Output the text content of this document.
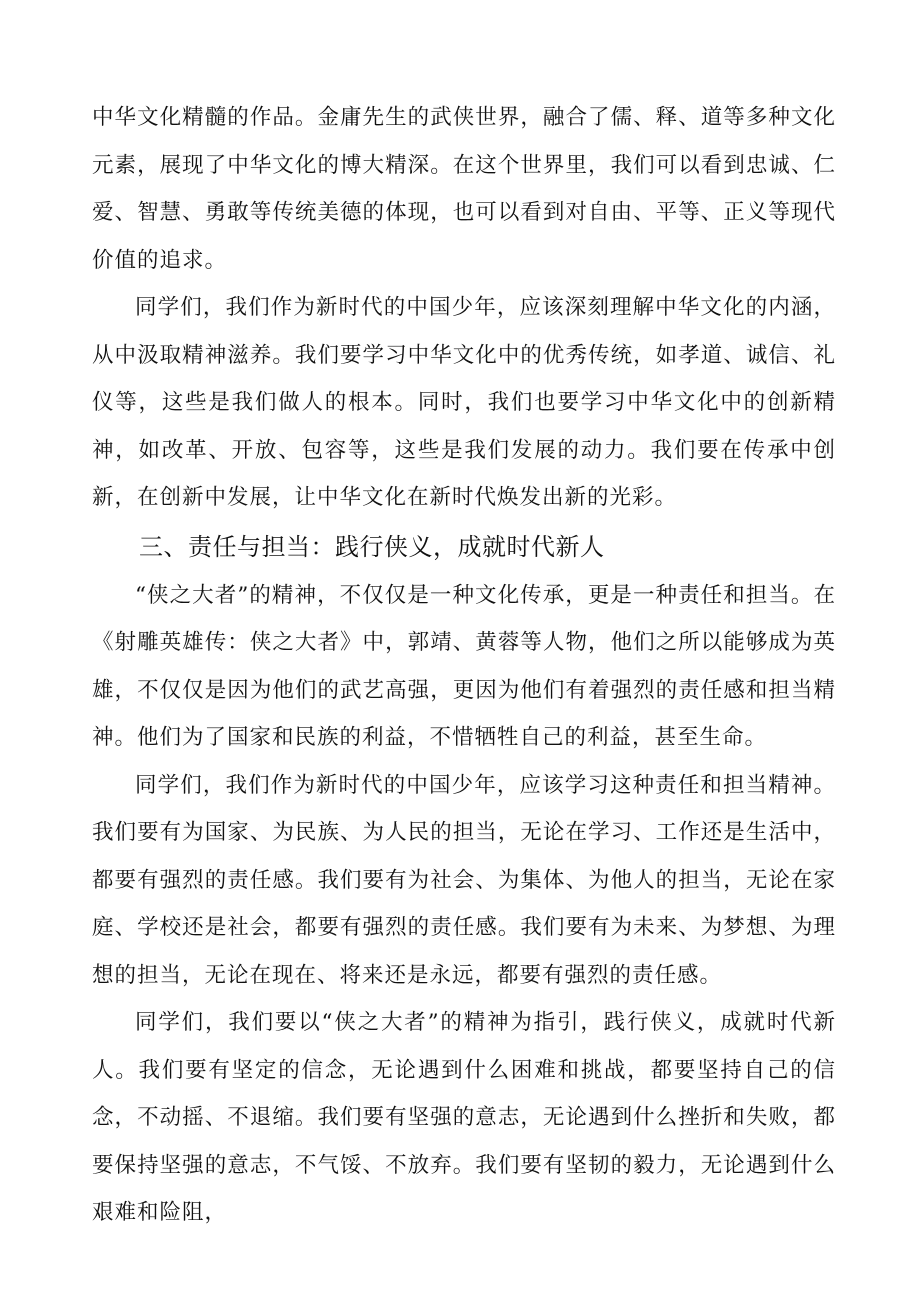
中华文化精髓的作品。金庸先生的武侠世界，融合了儒、释、道等多种文化元素，展现了中华文化的博大精深。在这个世界里，我们可以看到忠诚、仁爱、智慧、勇敢等传统美德的体现，也可以看到对自由、平等、正义等现代价值的追求。

同学们，我们作为新时代的中国少年，应该深刻理解中华文化的内涵，从中汲取精神滋养。我们要学习中华文化中的优秀传统，如孝道、诚信、礼仪等，这些是我们做人的根本。同时，我们也要学习中华文化中的创新精神，如改革、开放、包容等，这些是我们发展的动力。我们要在传承中创新，在创新中发展，让中华文化在新时代焕发出新的光彩。

三、责任与担当：践行侠义，成就时代新人

“侠之大者”的精神，不仅仅是一种文化传承，更是一种责任和担当。在《射雕英雄传：侠之大者》中，郭靖、黄蓉等人物，他们之所以能够成为英雄，不仅仅是因为他们的武艺高强，更因为他们有着强烈的责任感和担当精神。他们为了国家和民族的利益，不惜牺牲自己的利益，甚至生命。

同学们，我们作为新时代的中国少年，应该学习这种责任和担当精神。我们要有为国家、为民族、为人民的担当，无论在学习、工作还是生活中，都要有强烈的责任感。我们要有为社会、为集体、为他人的担当，无论在家庭、学校还是社会，都要有强烈的责任感。我们要有为未来、为梦想、为理想的担当，无论在现在、将来还是永远，都要有强烈的责任感。

同学们，我们要以“侠之大者”的精神为指引，践行侠义，成就时代新人。我们要有坚定的信念，无论遇到什么困难和挑战，都要坚持自己的信念，不动摇、不退缩。我们要有坚强的意志，无论遇到什么挫折和失败，都要保持坚强的意志，不气馁、不放弃。我们要有坚韧的毅力，无论遇到什么艰难和险阻，
